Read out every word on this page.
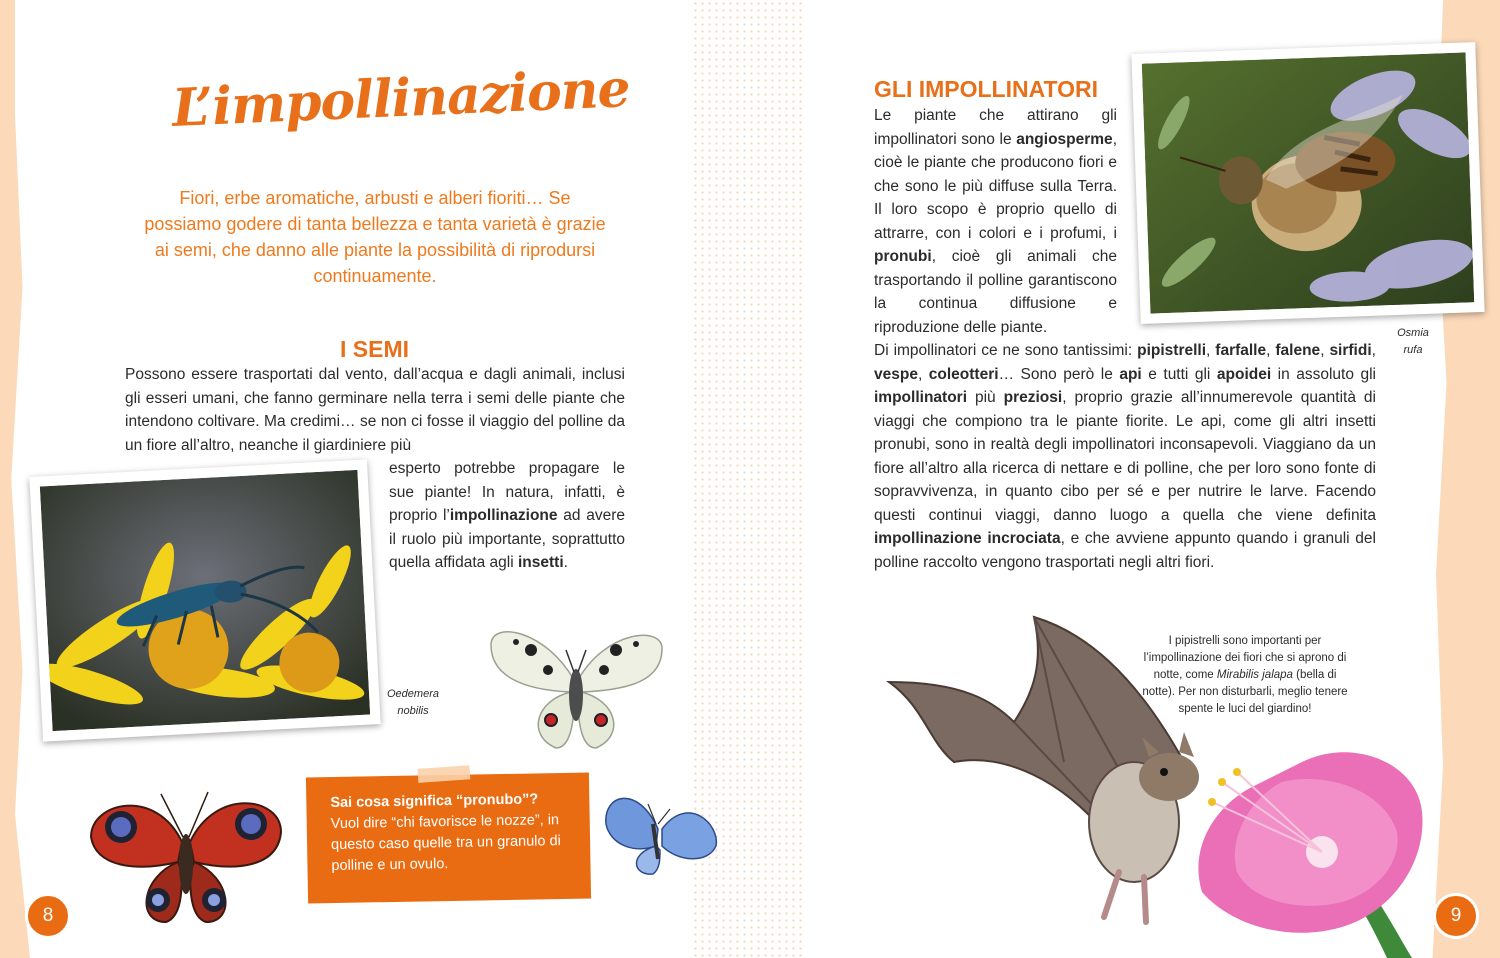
L’impollinazione

Fiori, erbe aromatiche, arbusti e alberi fioriti… Se possiamo godere di tanta bellezza e tanta varietà è grazie ai semi, che danno alle piante la possibilità di riprodursi continuamente.

I SEMI

Possono essere trasportati dal vento, dall’acqua e dagli animali, inclusi gli esseri umani, che fanno germinare nella terra i semi delle piante che intendono coltivare. Ma credimi… se non ci fosse il viaggio del polline da un fiore all’altro, neanche il giardiniere più

esperto potrebbe propagare le sue piante! In natura, infatti, è proprio l’impollinazione ad avere il ruolo più importante, soprattutto quella affidata agli insetti.

Oedemera nobilis

Sai cosa significa “pronubo”?

Vuol dire “chi favorisce le nozze”, in questo caso quelle tra un granulo di polline e un ovulo.

8
GLI IMPOLLINATORI

Le piante che attirano gli impollinatori sono le angiosperme, cioè le piante che producono fiori e che sono le più diffuse sulla Terra. Il loro scopo è proprio quello di attrarre, con i colori e i profumi, i pronubi, cioè gli animali che trasportando il polline garantiscono la continua diffusione e riproduzione delle piante.

Di impollinatori ce ne sono tantissimi: pipistrelli, farfalle, falene, sirfidi, vespe, coleotteri… Sono però le api e tutti gli apoidei in assoluto gli impollinatori più preziosi, proprio grazie all’innumerevole quantità di viaggi che compiono tra le piante fiorite. Le api, come gli altri insetti pronubi, sono in realtà degli impollinatori inconsapevoli. Viaggiano da un fiore all’altro alla ricerca di nettare e di polline, che per loro sono fonte di sopravvivenza, in quanto cibo per sé e per nutrire le larve. Facendo questi continui viaggi, danno luogo a quella che viene definita impollinazione incrociata, e che avviene appunto quando i granuli del polline raccolto vengono trasportati negli altri fiori.

Osmia rufa

I pipistrelli sono importanti per l’impollinazione dei fiori che si aprono di notte, come Mirabilis jalapa (bella di notte). Per non disturbarli, meglio tenere spente le luci del giardino!

9
